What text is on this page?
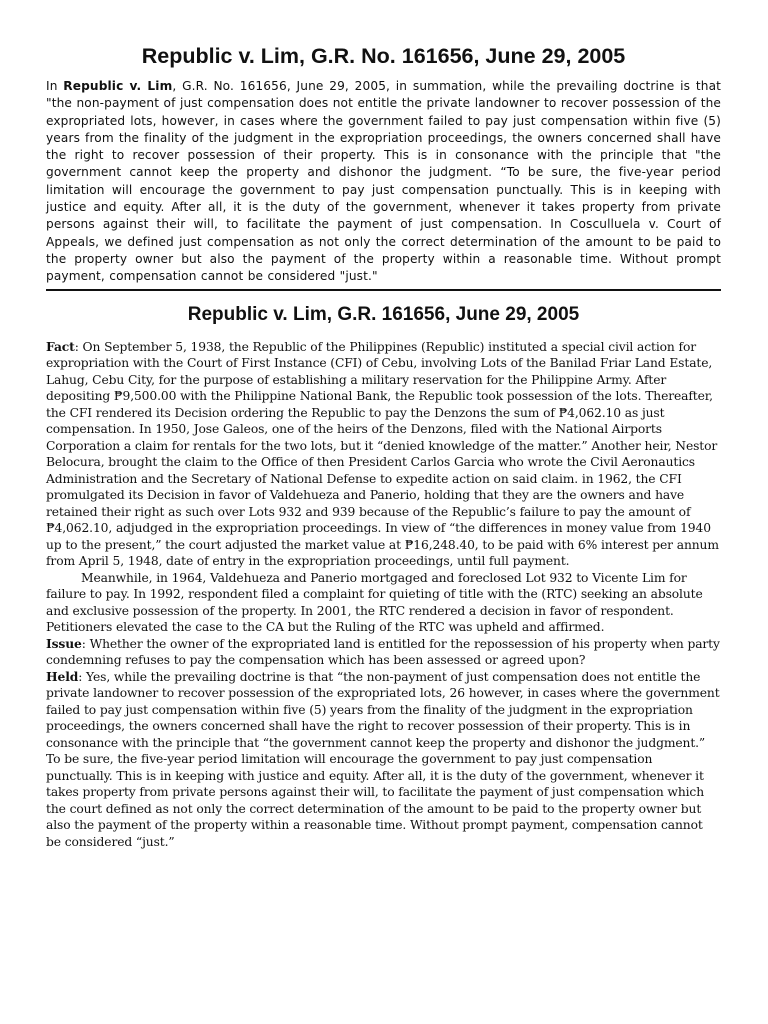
Republic v. Lim, G.R. No. 161656, June 29, 2005

In Republic v. Lim, G.R. No. 161656, June 29, 2005, in summation, while the prevailing doctrine is that "the non-payment of just compensation does not entitle the private landowner to recover possession of the expropriated lots, however, in cases where the government failed to pay just compensation within five (5) years from the finality of the judgment in the expropriation proceedings, the owners concerned shall have the right to recover possession of their property. This is in consonance with the principle that "the government cannot keep the property and dishonor the judgment. “To be sure, the five-year period limitation will encourage the government to pay just compensation punctually. This is in keeping with justice and equity. After all, it is the duty of the government, whenever it takes property from private persons against their will, to facilitate the payment of just compensation. In Cosculluela v. Court of Appeals, we defined just compensation as not only the correct determination of the amount to be paid to the property owner but also the payment of the property within a reasonable time. Without prompt payment, compensation cannot be considered "just."

Republic v. Lim, G.R. 161656, June 29, 2005

Fact: On September 5, 1938, the Republic of the Philippines (Republic) instituted a special civil action for expropriation with the Court of First Instance (CFI) of Cebu, involving Lots of the Banilad Friar Land Estate, Lahug, Cebu City, for the purpose of establishing a military reservation for the Philippine Army. After depositing ₱9,500.00 with the Philippine National Bank, the Republic took possession of the lots. Thereafter, the CFI rendered its Decision ordering the Republic to pay the Denzons the sum of ₱4,062.10 as just compensation. In 1950, Jose Galeos, one of the heirs of the Denzons, filed with the National Airports Corporation a claim for rentals for the two lots, but it “denied knowledge of the matter.” Another heir, Nestor Belocura, brought the claim to the Office of then President Carlos Garcia who wrote the Civil Aeronautics Administration and the Secretary of National Defense to expedite action on said claim. in 1962, the CFI promulgated its Decision in favor of Valdehueza and Panerio, holding that they are the owners and have retained their right as such over Lots 932 and 939 because of the Republic’s failure to pay the amount of ₱4,062.10, adjudged in the expropriation proceedings. In view of “the differences in money value from 1940 up to the present,” the court adjusted the market value at ₱16,248.40, to be paid with 6% interest per annum from April 5, 1948, date of entry in the expropriation proceedings, until full payment.

Meanwhile, in 1964, Valdehueza and Panerio mortgaged and foreclosed Lot 932 to Vicente Lim for failure to pay. In 1992, respondent filed a complaint for quieting of title with the (RTC) seeking an absolute and exclusive possession of the property. In 2001, the RTC rendered a decision in favor of respondent. Petitioners elevated the case to the CA but the Ruling of the RTC was upheld and affirmed.

Issue: Whether the owner of the expropriated land is entitled for the repossession of his property when party condemning refuses to pay the compensation which has been assessed or agreed upon?

Held: Yes, while the prevailing doctrine is that “the non-payment of just compensation does not entitle the private landowner to recover possession of the expropriated lots, 26 however, in cases where the government failed to pay just compensation within five (5) years from the finality of the judgment in the expropriation proceedings, the owners concerned shall have the right to recover possession of their property. This is in consonance with the principle that “the government cannot keep the property and dishonor the judgment.” To be sure, the five-year period limitation will encourage the government to pay just compensation punctually. This is in keeping with justice and equity. After all, it is the duty of the government, whenever it takes property from private persons against their will, to facilitate the payment of just compensation which the court defined as not only the correct determination of the amount to be paid to the property owner but also the payment of the property within a reasonable time. Without prompt payment, compensation cannot be considered “just.”
